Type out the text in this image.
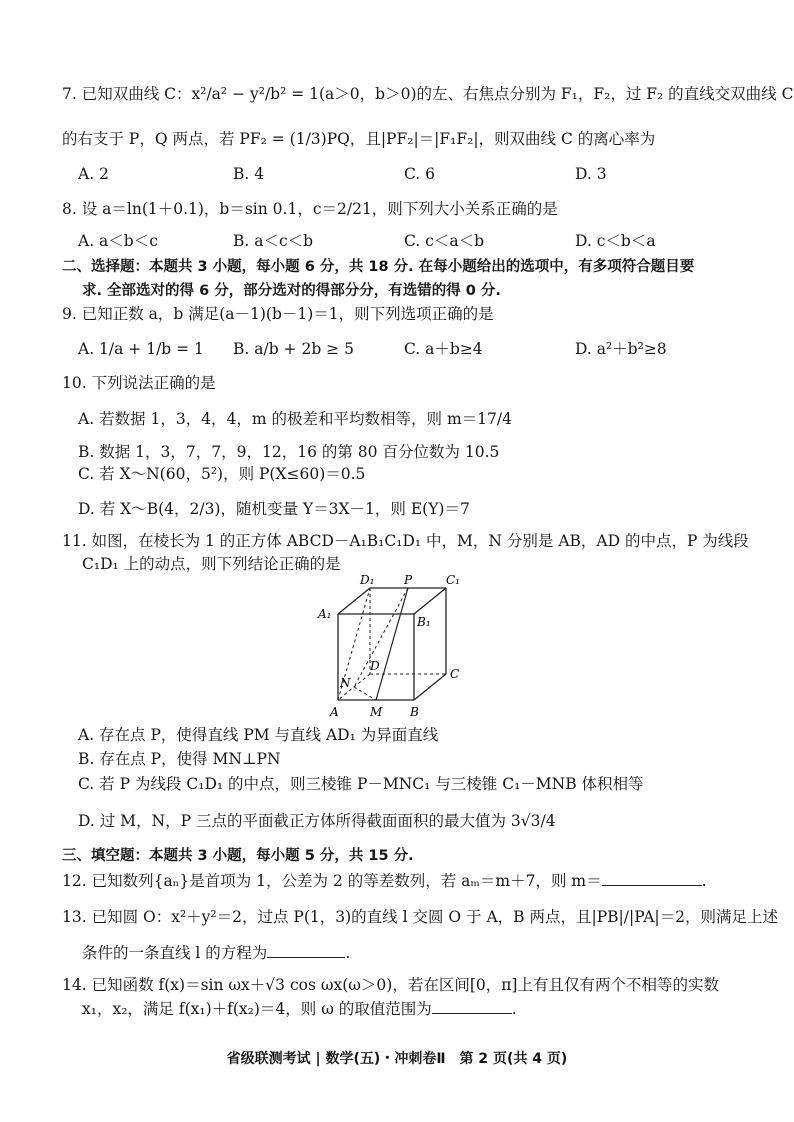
7. 已知双曲线 C：x²/a² − y²/b² = 1(a＞0，b＞0)的左、右焦点分别为 F₁，F₂，过 F₂ 的直线交双曲线 C
的右支于 P，Q 两点，若 PF₂ = (1/3)PQ，且|PF₂|＝|F₁F₂|，则双曲线 C 的离心率为
A. 2	B. 4	C. 6	D. 3
8. 设 a＝ln(1＋0.1)，b＝sin 0.1，c＝2/21，则下列大小关系正确的是
A. a＜b＜c	B. a＜c＜b	C. c＜a＜b	D. c＜b＜a
二、选择题：本题共 3 小题，每小题 6 分，共 18 分. 在每小题给出的选项中，有多项符合题目要
求. 全部选对的得 6 分，部分选对的得部分分，有选错的得 0 分.
9. 已知正数 a，b 满足(a－1)(b－1)＝1，则下列选项正确的是
A. 1/a + 1/b = 1 B. a/b + 2b ≥ 5	C. a＋b≥4	D. a²＋b²≥8
10. 下列说法正确的是
A. 若数据 1，3，4，4，m 的极差和平均数相等，则 m＝17/4
B. 数据 1，3，7，7，9，12，16 的第 80 百分位数为 10.5
C. 若 X～N(60，5²)，则 P(X≤60)＝0.5
D. 若 X～B(4，2/3)，随机变量 Y＝3X－1，则 E(Y)＝7
11. 如图，在棱长为 1 的正方体 ABCD－A₁B₁C₁D₁ 中，M，N 分别是 AB，AD 的中点，P 为线段
C₁D₁ 上的动点，则下列结论正确的是
D₁ P	C₁
A₁
B₁
D
C
N
A	M B
A. 存在点 P，使得直线 PM 与直线 AD₁ 为异面直线
B. 存在点 P，使得 MN⊥PN
C. 若 P 为线段 C₁D₁ 的中点，则三棱锥 P－MNC₁ 与三棱锥 C₁－MNB 体积相等
D. 过 M，N，P 三点的平面截正方体所得截面面积的最大值为 3√3/4
三、填空题：本题共 3 小题，每小题 5 分，共 15 分.
12. 已知数列{aₙ}是首项为 1，公差为 2 的等差数列，若 aₘ＝m＋7，则 m＝	.
13. 已知圆 O：x²＋y²＝2，过点 P(1，3)的直线 l 交圆 O 于 A，B 两点，且|PB|/|PA|＝2，则满足上述
条件的一条直线 l 的方程为	.
14. 已知函数 f(x)＝sin ωx＋√3 cos ωx(ω＞0)，若在区间[0，π]上有且仅有两个不相等的实数
x₁，x₂，满足 f(x₁)＋f(x₂)＝4，则 ω 的取值范围为	.
省级联测考试 | 数学(五)・冲刺卷Ⅱ　第 2 页(共 4 页)
